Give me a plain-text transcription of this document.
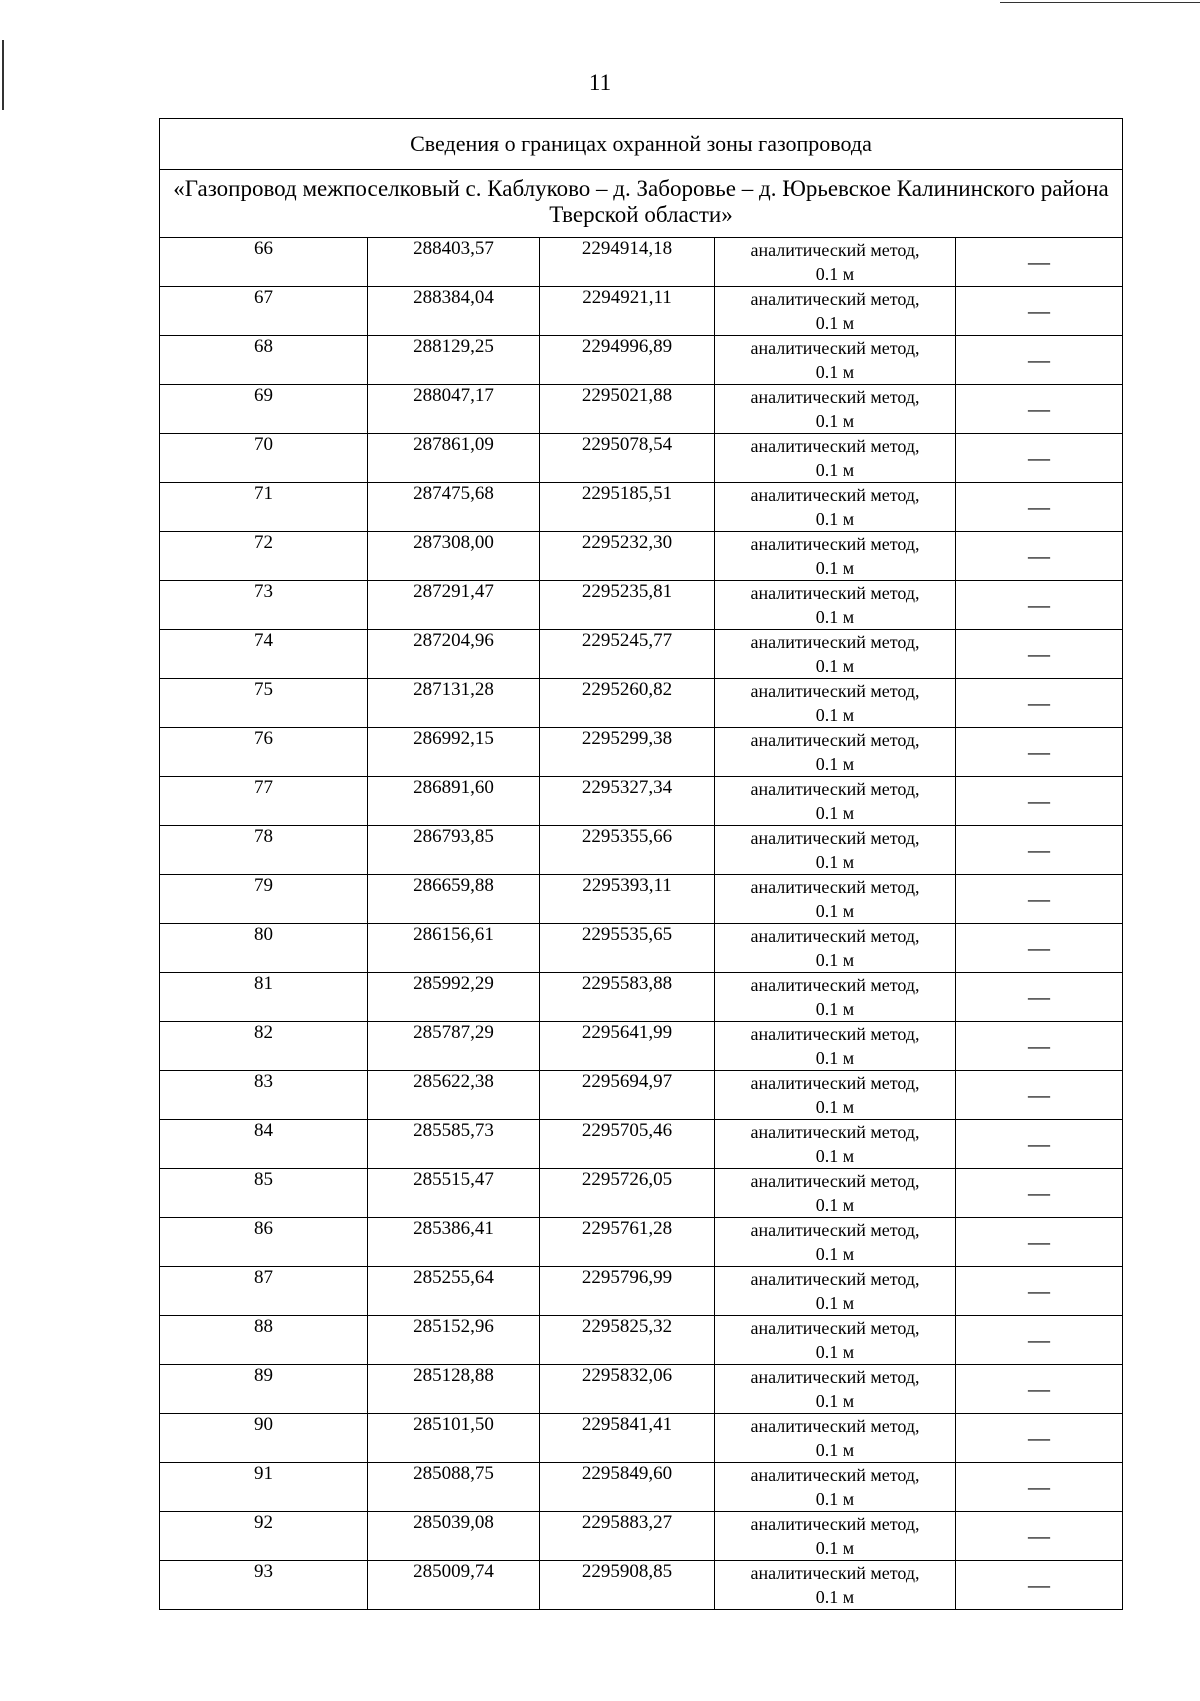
11
Сведения о границах охранной зоны газопровода				
«Газопровод межпоселковый с. Каблуково – д. Заборовье – д. Юрьевское Калининского района Тверской области»				
66	288403,57	2294914,18	аналитический метод,
0.1 м	—
67	288384,04	2294921,11	аналитический метод,
0.1 м	—
68	288129,25	2294996,89	аналитический метод,
0.1 м	—
69	288047,17	2295021,88	аналитический метод,
0.1 м	—
70	287861,09	2295078,54	аналитический метод,
0.1 м	—
71	287475,68	2295185,51	аналитический метод,
0.1 м	—
72	287308,00	2295232,30	аналитический метод,
0.1 м	—
73	287291,47	2295235,81	аналитический метод,
0.1 м	—
74	287204,96	2295245,77	аналитический метод,
0.1 м	—
75	287131,28	2295260,82	аналитический метод,
0.1 м	—
76	286992,15	2295299,38	аналитический метод,
0.1 м	—
77	286891,60	2295327,34	аналитический метод,
0.1 м	—
78	286793,85	2295355,66	аналитический метод,
0.1 м	—
79	286659,88	2295393,11	аналитический метод,
0.1 м	—
80	286156,61	2295535,65	аналитический метод,
0.1 м	—
81	285992,29	2295583,88	аналитический метод,
0.1 м	—
82	285787,29	2295641,99	аналитический метод,
0.1 м	—
83	285622,38	2295694,97	аналитический метод,
0.1 м	—
84	285585,73	2295705,46	аналитический метод,
0.1 м	—
85	285515,47	2295726,05	аналитический метод,
0.1 м	—
86	285386,41	2295761,28	аналитический метод,
0.1 м	—
87	285255,64	2295796,99	аналитический метод,
0.1 м	—
88	285152,96	2295825,32	аналитический метод,
0.1 м	—
89	285128,88	2295832,06	аналитический метод,
0.1 м	—
90	285101,50	2295841,41	аналитический метод,
0.1 м	—
91	285088,75	2295849,60	аналитический метод,
0.1 м	—
92	285039,08	2295883,27	аналитический метод,
0.1 м	—
93	285009,74	2295908,85	аналитический метод,
0.1 м	—
